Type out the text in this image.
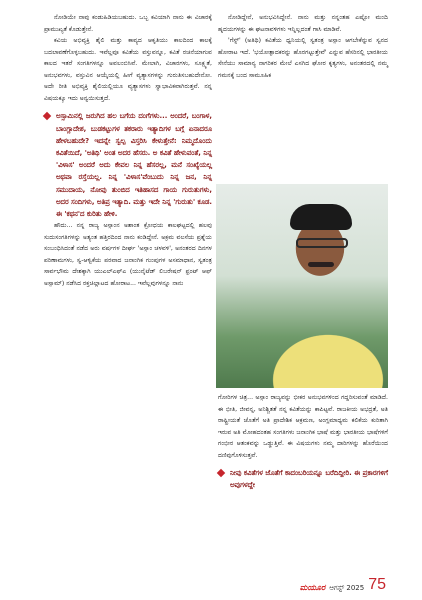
ನೋಡಿಯೇ ನಾವು ಕಂಡುಹಿಡಿಯಬಹುದು. ಒಬ್ಬ ಕವಿಯಾಗಿ ನಾನು ಈ ವಿಚಾರಕ್ಕೆ ಪ್ರಾಮುಖ್ಯತೆ ಕೊಡುತ್ತೇನೆ.

ಕವಿಯ ಅಭಿವ್ಯಕ್ತಿ ಶೈಲಿ ಮತ್ತು ಕಾವ್ಯದ ಆಕೃತಿಯು ಕಾಲದಿಂದ ಕಾಲಕ್ಕೆ ಬದಲಾವಣೆಗೊಳ್ಳಬಹುದು. ಇವೆಲ್ಲವೂ ಕವಿತೆಯ ವಸ್ತುವನ್ನೂ, ಕವಿತೆ ರಚನೆಯಾಗುವ ಕಾಲದ ಇತರೆ ಸಂಗತಿಗಳನ್ನೂ ಅವಲಂಬಿಸಿವೆ. ಮೇಲಾಗಿ, ವಿಚಾರಗಳು, ಸೂಕ್ಷ್ಮತೆ, ಅನುಭವಗಳು, ವಸ್ತುವಿನ ಆಯ್ಕೆಯಲ್ಲಿ ಹೀಗೆ ವ್ಯತ್ಯಾಸಗಳನ್ನು ಗುರುತಿಸಬಹುದೇನೋ. ಅದೇ ರೀತಿ ಅಭಿವ್ಯಕ್ತಿ ಶೈಲಿಯಲ್ಲಿಯೂ ವ್ಯತ್ಯಾಸಗಳು ಸ್ವಾಭಾವಿಕವಾಗಿರುತ್ತವೆ. ನನ್ನ ವಿಷಯಕ್ಕೂ ಇದು ಅನ್ವಯಿಸುತ್ತದೆ.

ಅಸ್ಸಾಮಿನಲ್ಲಿ ಜರುಗಿದ ಹಲ ಬಗೆಯ ದಂಗೆಗಳು... ಅಂದರೆ, ಬಂಗಾಳ, ಬಾಂಗ್ಲಾದೇಶ, ಬುಡಕಟ್ಟುಗಳ ತಕರಾರು ಇತ್ಯಾದಿಗಳ ಬಗ್ಗೆ ಏನಾದರೂ ಹೇಳಬಹುದೇ? ಇದನ್ನೇ ಸ್ವಲ್ಪ ವಿಸ್ತರಿಸಿ ಕೇಳುತ್ತೇನೆ: ನಿಮ್ಮದೊಂದು ಕವಿತೆಯಿದೆ, 'ಅತಿಥಿ' ಅಂತ ಅದರ ಹೆಸರು. ಅ ಕವಿತೆ ಹೇಳುವಂತೆ, ನಿನ್ನ 'ವಿಳಾಸ' ಅಂದರೆ ಅದು ಕೇವಲ ನಿನ್ನ ಹೆಸರಲ್ಲ, ಮನೆ ಸಂಖ್ಯೆಯಲ್ಲ ಅಥವಾ ರಸ್ತೆಯಲ್ಲ. ನಿನ್ನ 'ವಿಳಾಸ'ವೆಂಬುದು ನಿನ್ನ ಜನ, ನಿನ್ನ ಸಮುದಾಯ, ನೋವು ತುಂಬಿದ ಇತಿಹಾಸದ ಗಾಯ ಗುರುತುಗಳು, ಅದರ ಸಂದಿಗಳು, ಅತಿಪ್ರ ಇತ್ಯಾದಿ. ಮತ್ತು ಇದೇ ನಿನ್ನ 'ಗುರುತು' ಕೂಡ. ಈ 'ಕಥನ'ದ ಕುರಿತು ಹೇಳಿ.

ಹೌದು... ನನ್ನ ರಾಜ್ಯ ಅಸ್ಸಾಂನ ಅಶಾಂತ ಕ್ರೋಧಯ ಕಾಲಘಟ್ಟದಲ್ಲಿ ಹಲವು ಸುದುಸಂಗತಿಗಳನ್ನು ಅತ್ಯಂತ ಹತ್ತಿರದಿಂದ ನಾನು ಕಂಡಿದ್ದೇನೆ. ಅಕ್ರಮ ವಲಸೆಯ ಪ್ರಶ್ನೆಯ ಸಂಬಂಧಿಸಿದಂತೆ ನಡೆದ ಅರು ವರ್ಷಗಳ ದೀರ್ಘ 'ಅಸ್ಸಾಂ ಚಳವಳಿ', ಅನಂತರದ ದಿನಗಳ ಪರಿಣಾಮಗಳು, ಸ್ವ-ಆಳ್ವಿಕೆಯ ಪರವಾದ ಜನಾಂಗಿಕ ಗುಂಪುಗಳ ಅಸಮಾಧಾನ, ಸ್ವತಂತ್ರ ಸಾರ್ವಭೌಮ ದೇಶಕ್ಕಾಗಿ ಯುಎಲ್‌ಎಫ್‌ಎ (ಯುನೈಟೆಡ್ ಲಿಬರೇಷನ್ ಫ್ರಂಟ್ ಆಫ್ ಅಸ್ಸಾಮ್) ನಡೆಸಿದ ರಕ್ತಚಿಲ್ಲಾಟದ ಹೋರಾಟ... ಇವೆಲ್ಲವುಗಳನ್ನೂ ನಾನು

ನೋಡಿದ್ದೇನೆ, ಅನುಭವಿಸಿದ್ದೇನೆ. ನಾನು ಮತ್ತು ನನ್ನಂತಹ ಎಷ್ಟೋ ಮಂದಿ ಹೃದಯಗಳನ್ನು ಈ ಘಟನಾವಳಿಗಳು ಇನ್ನಿಲ್ಲದಂತೆ ಗಾಸಿ ಮಾಡಿವೆ.

'ಗೆಸ್ಟ್' (ಅತಿಥಿ) ಕವಿತೆಯ ಧ್ವನಿಯಲ್ಲಿ ಸ್ವತಂತ್ರ ಅಸ್ಸಾಂ ಆಗಬೇಕೆನ್ನುವ ಸ್ವನದ ಹೋರಾಟ ಇದೆ. 'ಭಯೋತ್ಪಾದಕರನ್ನು ಹೊರಗಟ್ಟುತ್ತೇವೆ' ಎನ್ನುವ ಹೆಸರಿನಲ್ಲಿ ಭಾರತೀಯ ಸೇನೆಯು ಸಾಮಾನ್ಯ ನಾಗರಿಕರ ಮೇಲೆ ಎಸಗಿದ ಘೋರ ಕೃತ್ಯಗಳು, ಅನಂತರದಲ್ಲಿ ನಮ್ಮ ಗಮನಕ್ಕೆ ಬಂದ ಸಾಮೂಹಿಕ

ಗೋರಿಗಳ ಚಿತ್ರ... ಅಸ್ಸಾಂ ರಾಜ್ಯವನ್ನು ಭೀಕರ ಅನುಭವಗಳಿಂದ ಗದ್ದರಿಸುವಂತೆ ಮಾಡಿದೆ. ಈ ಭೀತಿ, ಜೀವನ್ನ, ಅನಿಶ್ಚಿತತೆ ನನ್ನ ಕವಿತೆಯನ್ನು ಕಾಪಿಟ್ಟವೆ. ರಾಜಕೀಯ ಅಭದ್ರತೆ, ಅತಿ ರಾಷ್ಟ್ರೀಯತೆ ಜೊತೆಗೆ ಅತಿ ಪ್ರಾದೇಶಿಕ ಆಕ್ರಮಣ, ಅಂಗ್ಲಮಾಧ್ಯಮ ಕಲಿಕೆಯ ಕುರಿತಾಗಿ ಇರುವ ಅತಿ ಮೋಹದಂತಹ ಸಂಗತಿಗಳು ಜನಾಂಗಿಕ ಭಾಷೆ ಮತ್ತು ಭಾರತೀಯ ಭಾಷೆಗಳಿಗೆ ಗಂಭೀರ ಆತಂಕವನ್ನು ಒಡ್ಡುತ್ತಿವೆ. ಈ ವಿಷಯಗಳು ನಮ್ಮ ದಾರಿಗಳನ್ನು ಹೊರೆಯಿಂದ ದಣಿವುಗೊಳಿಸುತ್ತವೆ.

ನೀವು ಕವಿತೆಗಳ ಜೊತೆಗೆ ಕಾದಂಬರಿಯನ್ನೂ ಬರೆದಿದ್ದೀರಿ. ಈ ಪ್ರಕಾರಗಳಿಗೆ ಅವುಗಳದ್ದೇ

ಮಯೂರ ಆಗಸ್ಟ್ 2025 75
